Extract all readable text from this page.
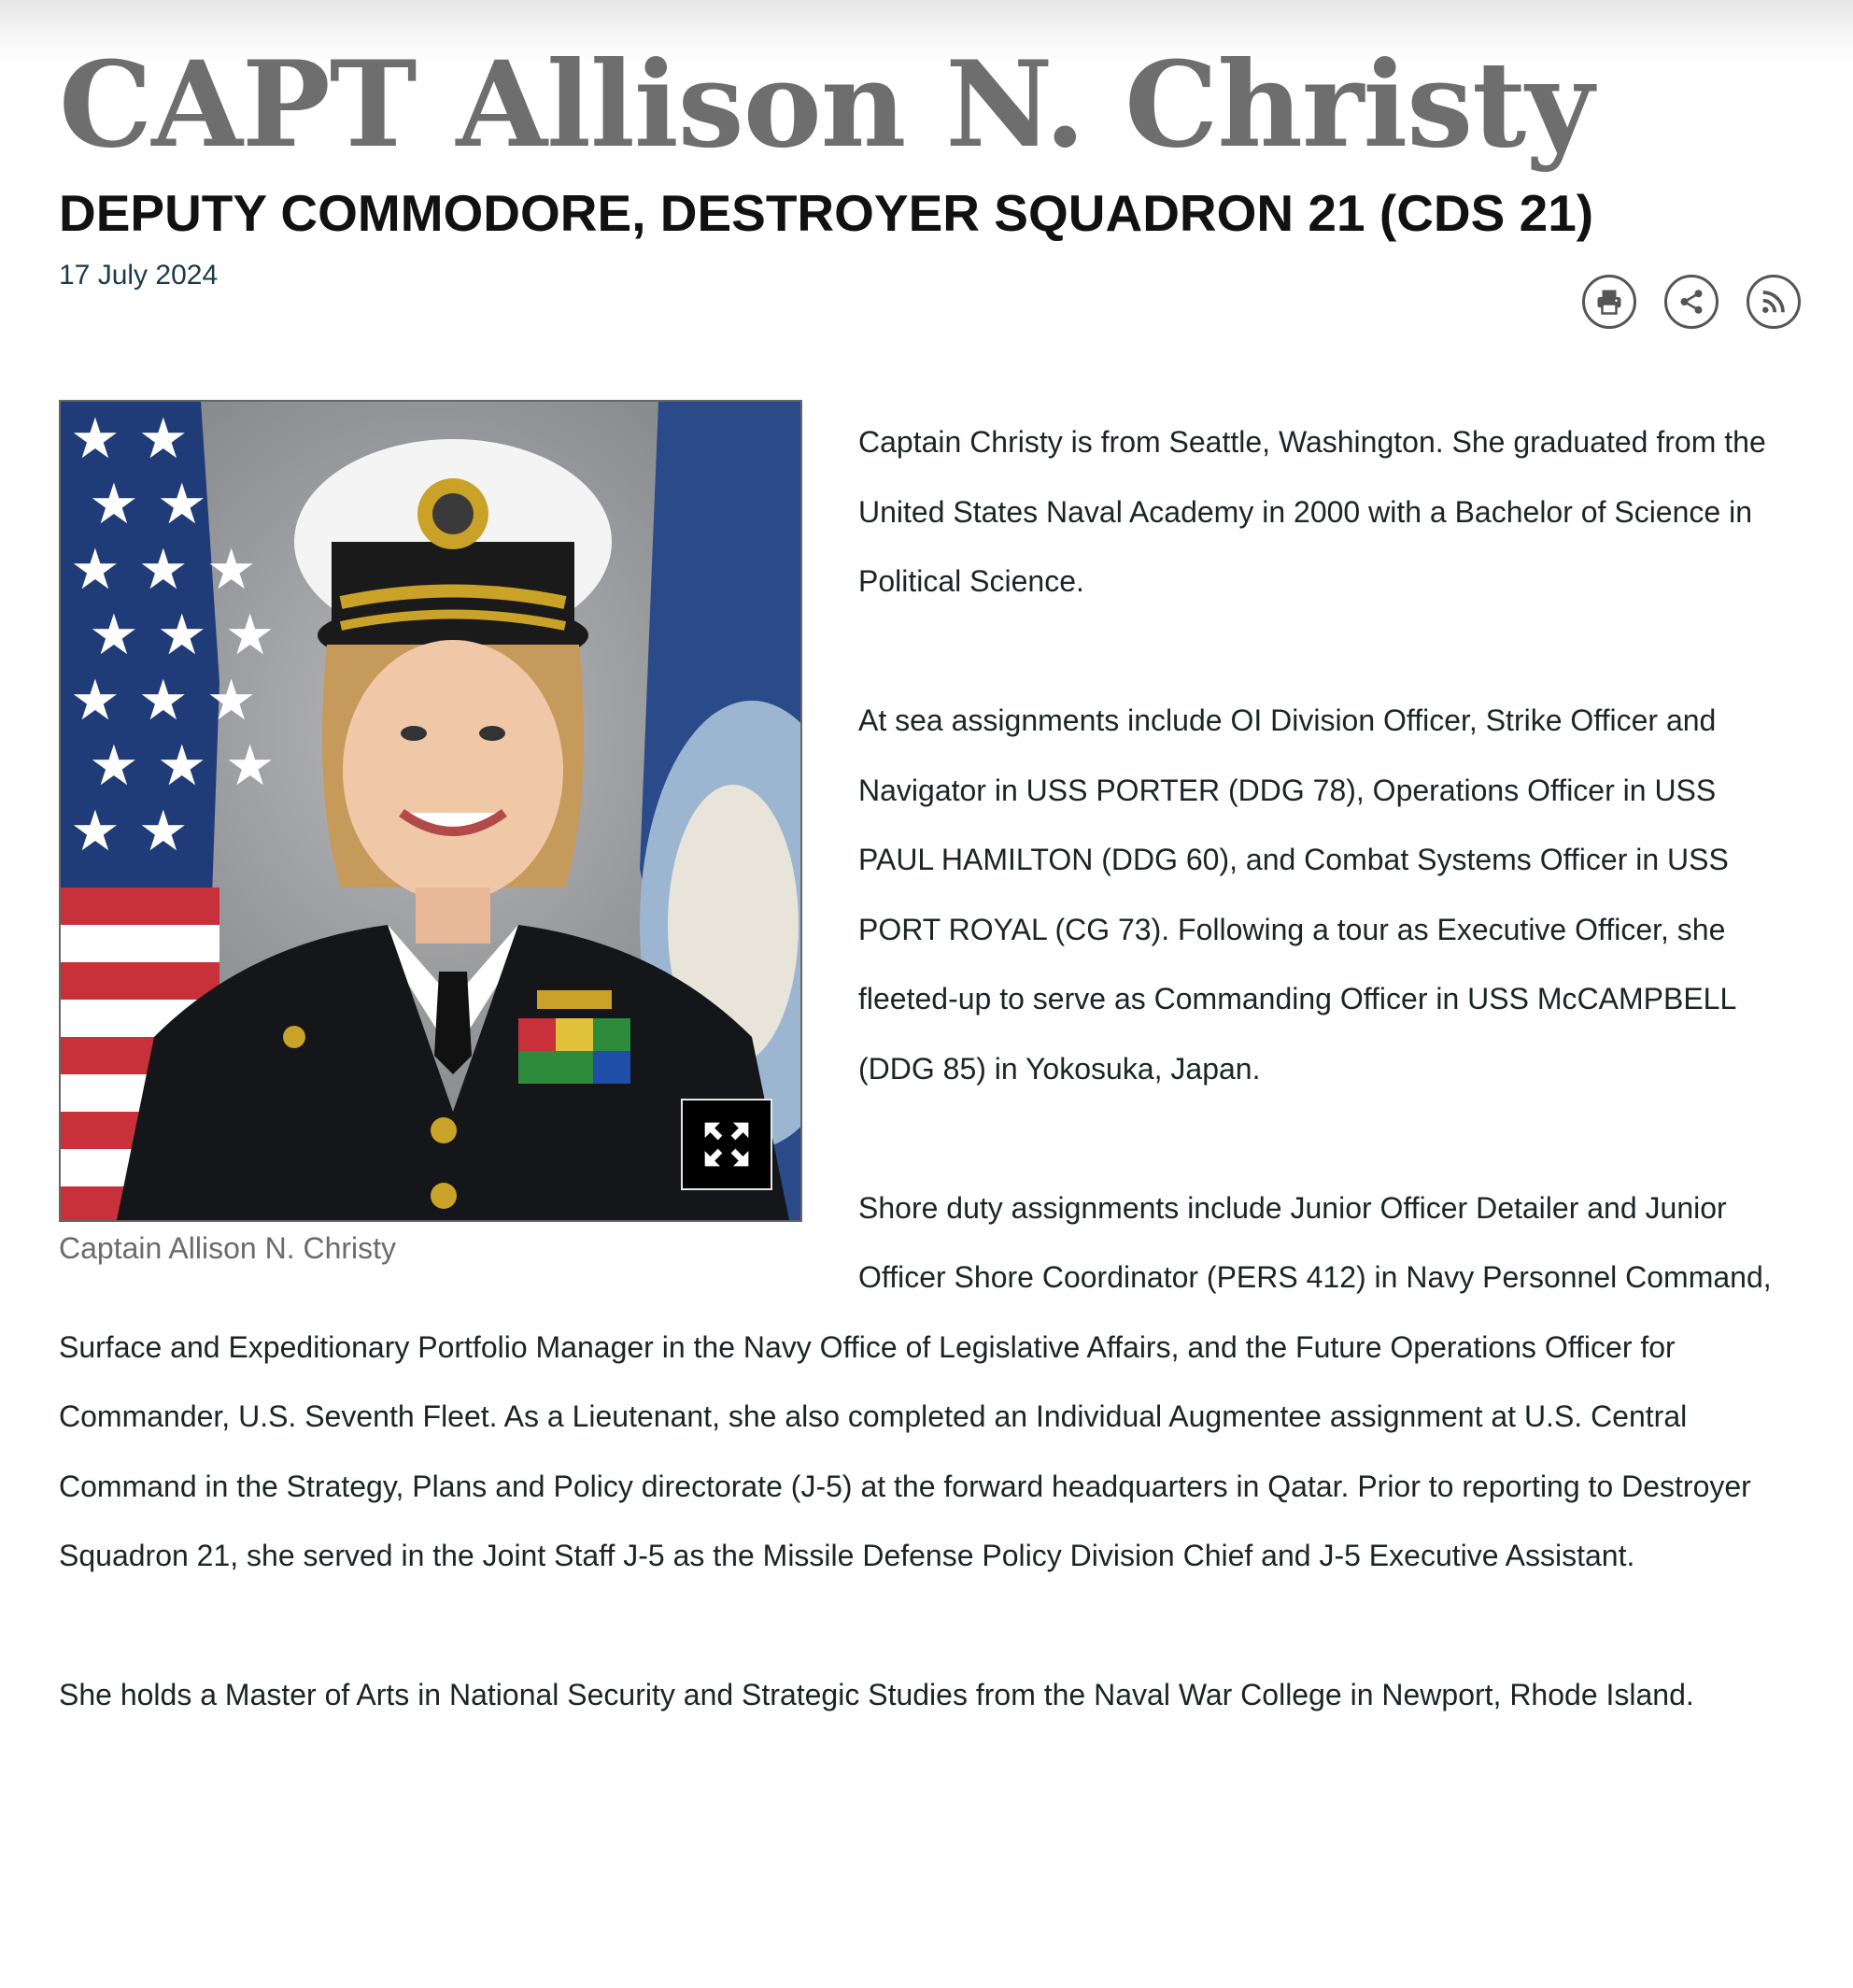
CAPT Allison N. Christy
DEPUTY COMMODORE, DESTROYER SQUADRON 21 (CDS 21)
17 July 2024
★ ★
★ ★
★ ★ ★
★ ★ ★
★ ★ ★
★ ★ ★
★ ★
Captain Allison N. Christy

Captain Christy is from Seattle, Washington. She graduated from the United States Naval Academy in 2000 with a Bachelor of Science in Political Science.

At sea assignments include OI Division Officer, Strike Officer and Navigator in USS PORTER (DDG 78), Operations Officer in USS PAUL HAMILTON (DDG 60), and Combat Systems Officer in USS PORT ROYAL (CG 73). Following a tour as Executive Officer, she fleeted-up to serve as Commanding Officer in USS McCAMPBELL (DDG 85) in Yokosuka, Japan.

Shore duty assignments include Junior Officer Detailer and Junior Officer Shore Coordinator (PERS 412) in Navy Personnel Command, Surface and Expeditionary Portfolio Manager in the Navy Office of Legislative Affairs, and the Future Operations Officer for Commander, U.S. Seventh Fleet. As a Lieutenant, she also completed an Individual Augmentee assignment at U.S. Central Command in the Strategy, Plans and Policy directorate (J-5) at the forward headquarters in Qatar. Prior to reporting to Destroyer Squadron 21, she served in the Joint Staff J-5 as the Missile Defense Policy Division Chief and J-5 Executive Assistant.

She holds a Master of Arts in National Security and Strategic Studies from the Naval War College in Newport, Rhode Island.
